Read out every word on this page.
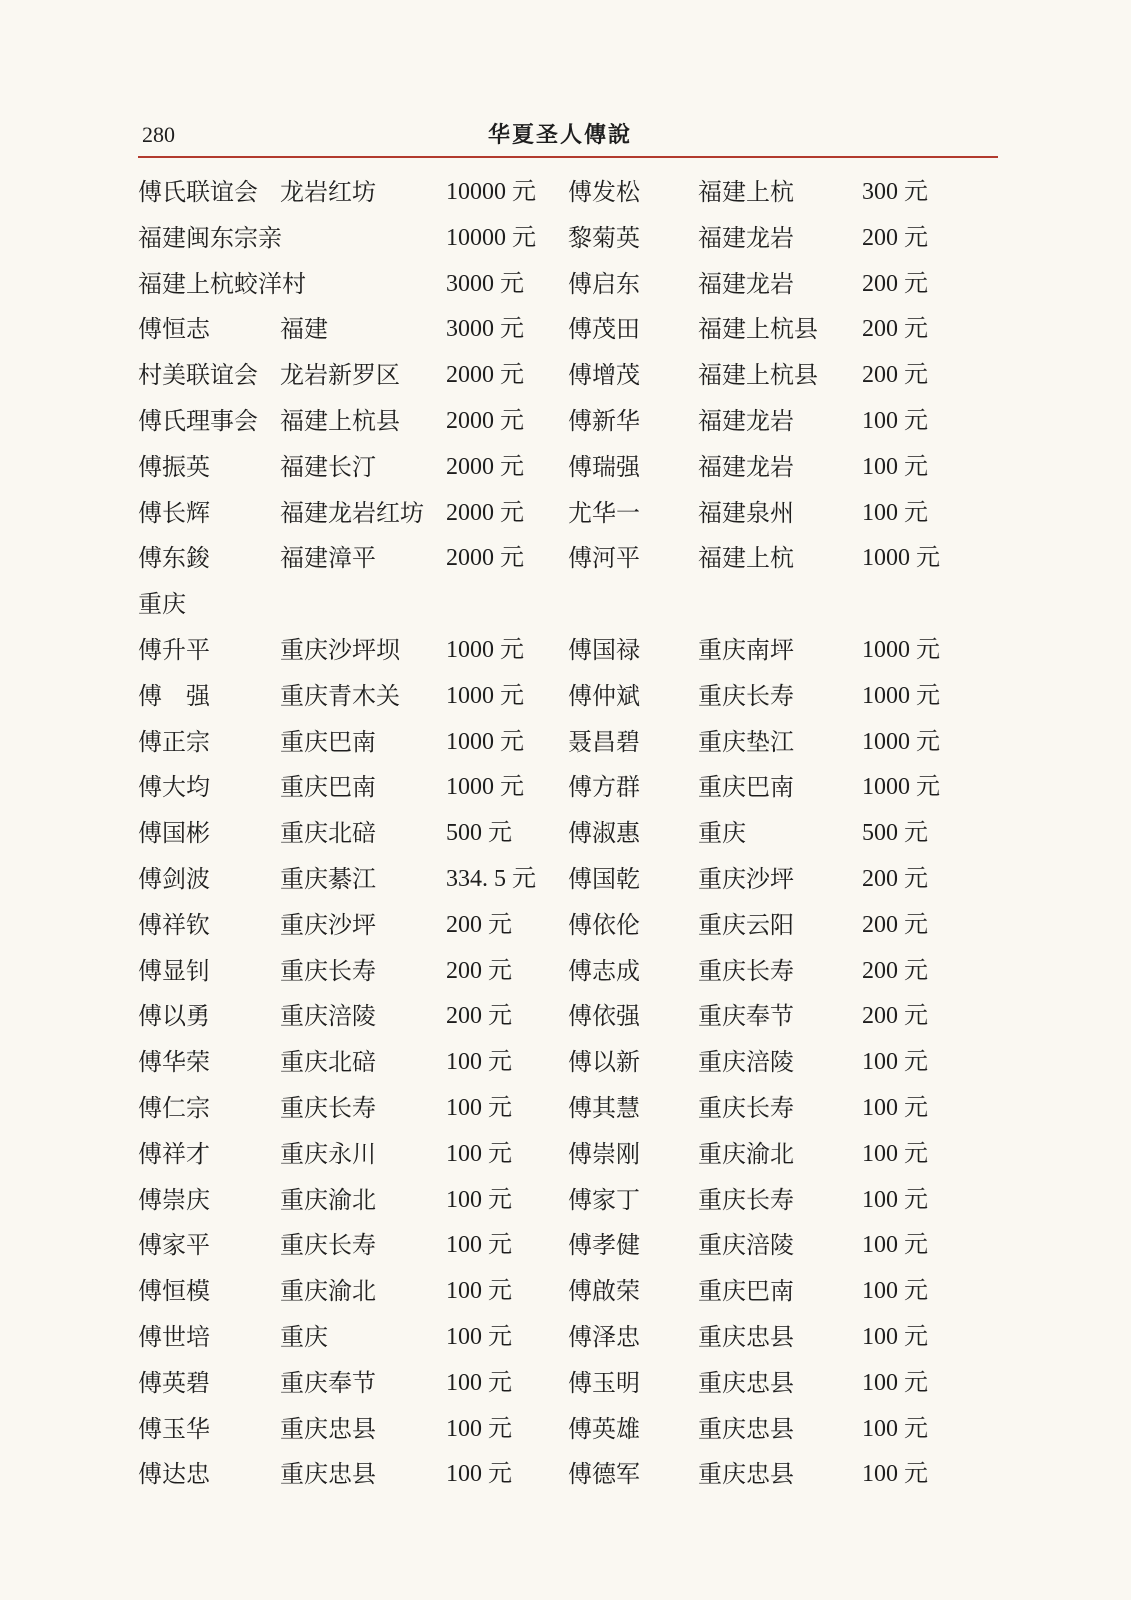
280	华夏圣人傳說
傅氏联谊会 龙岩红坊	10000 元 傅发松 福建上杭	300 元
福建闽东宗亲	10000 元 黎菊英 福建龙岩	200 元
福建上杭蛟洋村	3000 元 傅启东 福建龙岩	200 元
傅恒志	福建	3000 元 傅茂田 福建上杭县 200 元
村美联谊会 龙岩新罗区 2000 元 傅增茂 福建上杭县 200 元
傅氏理事会 福建上杭县 2000 元 傅新华 福建龙岩	100 元
傅振英	福建长汀	2000 元 傅瑞强 福建龙岩	100 元
傅长辉	福建龙岩红坊 2000 元 尤华一 福建泉州	100 元
傅东鋑	福建漳平	2000 元 傅河平 福建上杭	1000 元
重庆
傅升平	重庆沙坪坝 1000 元 傅国禄 重庆南坪	1000 元
傅　强	重庆青木关 1000 元 傅仲斌 重庆长寿	1000 元
傅正宗	重庆巴南	1000 元 聂昌碧 重庆垫江	1000 元
傅大均	重庆巴南	1000 元 傅方群 重庆巴南	1000 元
傅国彬	重庆北碚	500 元 傅淑惠 重庆	500 元
傅剑波	重庆綦江	334. 5 元 傅国乾 重庆沙坪	200 元
傅祥钦	重庆沙坪	200 元 傅依伦 重庆云阳	200 元
傅显钊	重庆长寿	200 元 傅志成 重庆长寿	200 元
傅以勇	重庆涪陵	200 元 傅依强 重庆奉节	200 元
傅华荣	重庆北碚	100 元 傅以新 重庆涪陵	100 元
傅仁宗	重庆长寿	100 元 傅其慧 重庆长寿	100 元
傅祥才	重庆永川	100 元 傅崇刚 重庆渝北	100 元
傅崇庆	重庆渝北	100 元 傅家丁 重庆长寿	100 元
傅家平	重庆长寿	100 元 傅孝健 重庆涪陵	100 元
傅恒模	重庆渝北	100 元 傅啟荣 重庆巴南	100 元
傅世培	重庆	100 元 傅泽忠 重庆忠县	100 元
傅英碧	重庆奉节	100 元 傅玉明 重庆忠县	100 元
傅玉华	重庆忠县	100 元 傅英雄 重庆忠县	100 元
傅达忠	重庆忠县	100 元 傅德军 重庆忠县	100 元
